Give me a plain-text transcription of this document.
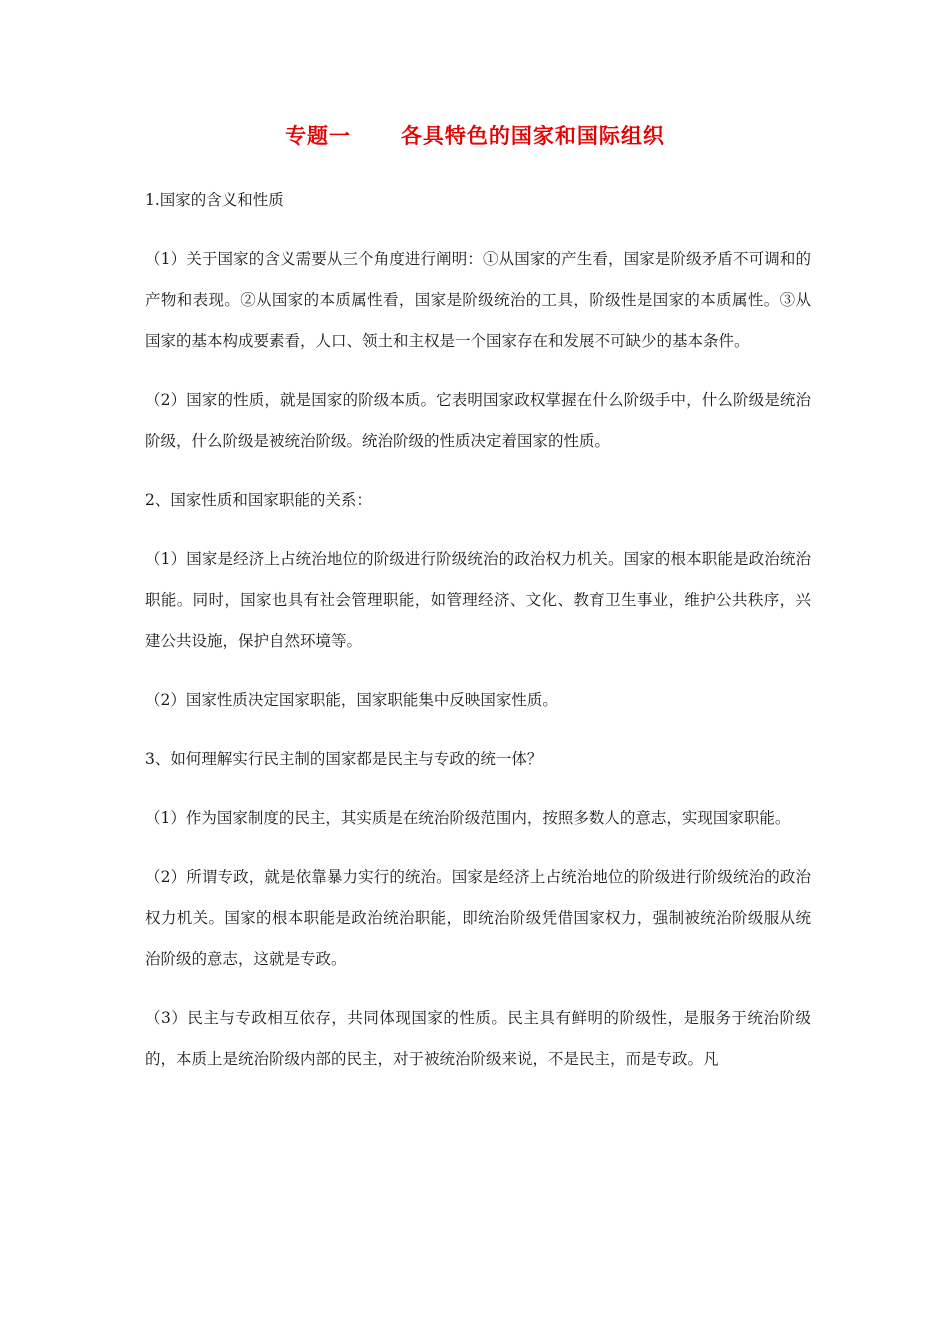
专题一      各具特色的国家和国际组织
1.国家的含义和性质

（1）关于国家的含义需要从三个角度进行阐明：①从国家的产生看，国家是阶级矛盾不可调和的产物和表现。②从国家的本质属性看，国家是阶级统治的工具，阶级性是国家的本质属性。③从国家的基本构成要素看，人口、领土和主权是一个国家存在和发展不可缺少的基本条件。

（2）国家的性质，就是国家的阶级本质。它表明国家政权掌握在什么阶级手中，什么阶级是统治阶级，什么阶级是被统治阶级。统治阶级的性质决定着国家的性质。

2、国家性质和国家职能的关系：

（1）国家是经济上占统治地位的阶级进行阶级统治的政治权力机关。国家的根本职能是政治统治职能。同时，国家也具有社会管理职能，如管理经济、文化、教育卫生事业，维护公共秩序，兴建公共设施，保护自然环境等。

（2）国家性质决定国家职能，国家职能集中反映国家性质。

3、如何理解实行民主制的国家都是民主与专政的统一体？

（1）作为国家制度的民主，其实质是在统治阶级范围内，按照多数人的意志，实现国家职能。

（2）所谓专政，就是依靠暴力实行的统治。国家是经济上占统治地位的阶级进行阶级统治的政治权力机关。国家的根本职能是政治统治职能，即统治阶级凭借国家权力，强制被统治阶级服从统治阶级的意志，这就是专政。

（3）民主与专政相互依存，共同体现国家的性质。民主具有鲜明的阶级性，是服务于统治阶级的，本质上是统治阶级内部的民主，对于被统治阶级来说，不是民主，而是专政。凡
